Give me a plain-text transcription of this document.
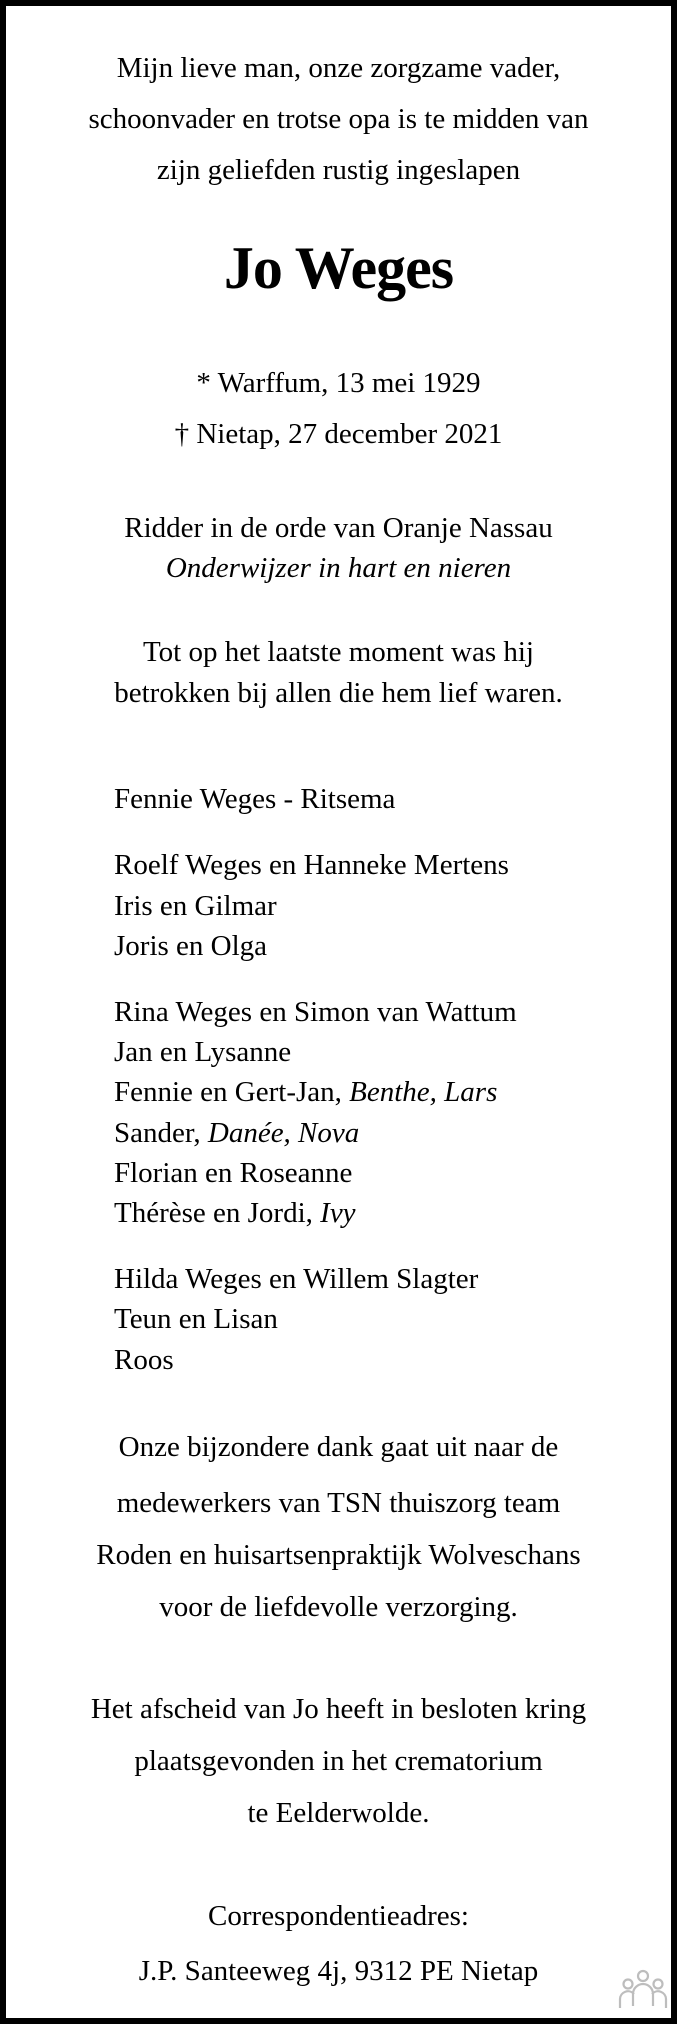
Mijn lieve man, onze zorgzame vader,
schoonvader en trotse opa is te midden van
zijn geliefden rustig ingeslapen
Jo Weges
* Warffum, 13 mei 1929
† Nietap, 27 december 2021
Ridder in de orde van Oranje Nassau
Onderwijzer in hart en nieren
Tot op het laatste moment was hij
betrokken bij allen die hem lief waren.
Fennie Weges - Ritsema
Roelf Weges en Hanneke Mertens
Iris en Gilmar
Joris en Olga
Rina Weges en Simon van Wattum
Jan en Lysanne
Fennie en Gert-Jan, Benthe, Lars
Sander, Danée, Nova
Florian en Roseanne
Thérèse en Jordi, Ivy
Hilda Weges en Willem Slagter
Teun en Lisan
Roos
Onze bijzondere dank gaat uit naar de
medewerkers van TSN thuiszorg team
Roden en huisartsenpraktijk Wolveschans
voor de liefdevolle verzorging.
Het afscheid van Jo heeft in besloten kring
plaatsgevonden in het crematorium
te Eelderwolde.
Correspondentieadres:
J.P. Santeeweg 4j, 9312 PE Nietap
